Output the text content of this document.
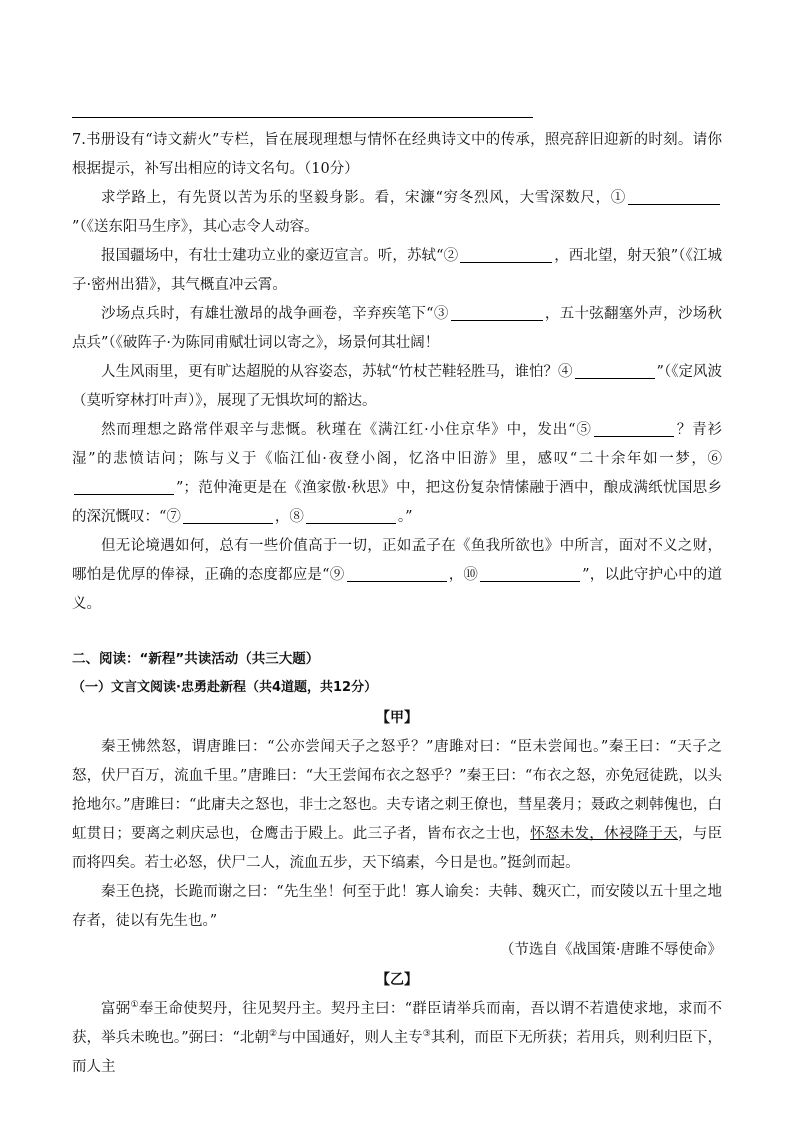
7.书册设有“诗文薪火”专栏，旨在展现理想与情怀在经典诗文中的传承，照亮辞旧迎新的时刻。请你根据提示，补写出相应的诗文名句。（10分）

求学路上，有先贤以苦为乐的坚毅身影。看，宋濂“穷冬烈风，大雪深数尺，①”（《送东阳马生序》，其心志令人动容。

报国疆场中，有壮士建功立业的豪迈宣言。听，苏轼“②	，西北望，射天狼”（《江城子·密州出猎》，其气概直冲云霄。

沙场点兵时，有雄壮激昂的战争画卷，辛弃疾笔下“③	，五十弦翻塞外声，沙场秋点兵”（《破阵子·为陈同甫赋壮词以寄之》，场景何其壮阔！

人生风雨里，更有旷达超脱的从容姿态，苏轼“竹杖芒鞋轻胜马，谁怕？④	”（《定风波（莫听穿林打叶声）》，展现了无惧坎坷的豁达。

然而理想之路常伴艰辛与悲慨。秋瑾在《满江红·小住京华》中，发出“⑤	？青衫湿”的悲愤诘问；陈与义于《临江仙·夜登小阁，忆洛中旧游》里，感叹“二十余年如一梦，⑥”；范仲淹更是在《渔家傲·秋思》中，把这份复杂情愫融于酒中，酿成满纸忧国思乡的深沉慨叹：“⑦	，⑧	。”

但无论境遇如何，总有一些价值高于一切，正如孟子在《鱼我所欲也》中所言，面对不义之财，哪怕是优厚的俸禄，正确的态度都应是“⑨	，⑩	”，以此守护心中的道义。

二、阅读：“新程”共读活动（共三大题）

（一）文言文阅读·忠勇赴新程（共4道题，共12分）

【甲】

秦王怫然怒，谓唐雎曰：“公亦尝闻天子之怒乎？”唐雎对曰：“臣未尝闻也。”秦王曰：“天子之怒，伏尸百万，流血千里。”唐雎曰：“大王尝闻布衣之怒乎？”秦王曰：“布衣之怒，亦免冠徒跣，以头抢地尔。”唐雎曰：“此庸夫之怒也，非士之怒也。夫专诸之刺王僚也，彗星袭月；聂政之刺韩傀也，白虹贯日；要离之刺庆忌也，仓鹰击于殿上。此三子者，皆布衣之士也，怀怒未发，休祲降于天，与臣而将四矣。若士必怒，伏尸二人，流血五步，天下缟素，今日是也。”挺剑而起。

秦王色挠，长跪而谢之曰：“先生坐！何至于此！寡人谕矣：夫韩、魏灭亡，而安陵以五十里之地存者，徒以有先生也。”

（节选自《战国策·唐雎不辱使命》

【乙】

富弼①奉王命使契丹，往见契丹主。契丹主曰：“群臣请举兵而南，吾以谓不若遣使求地，求而不获，举兵未晚也。”弼曰：“北朝②与中国通好，则人主专③其利，而臣下无所获；若用兵，则利归臣下，而人主
